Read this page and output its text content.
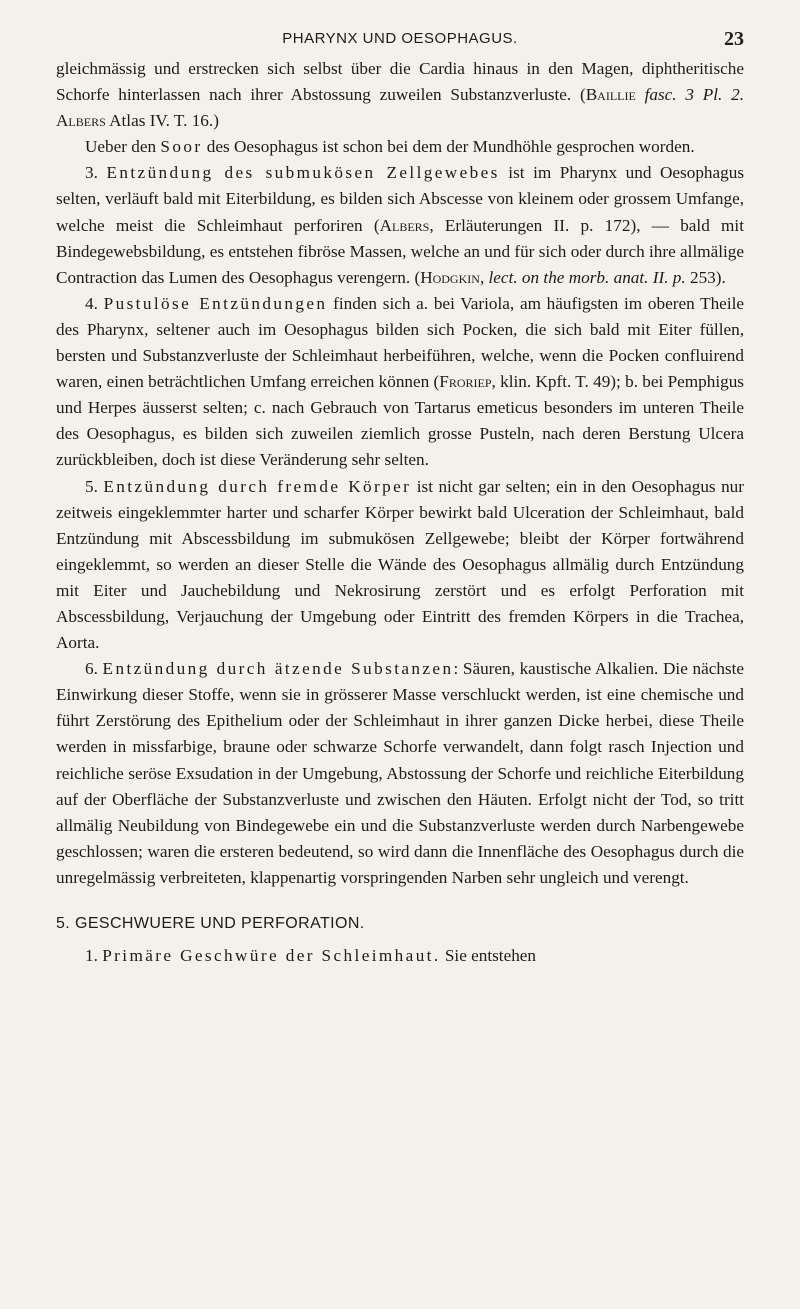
PHARYNX UND OESOPHAGUS.	23

gleichmässig und erstrecken sich selbst über die Cardia hinaus in den Magen, diphtheritische Schorfe hinterlassen nach ihrer Abstossung zuweilen Substanzverluste. (Baillie fasc. 3 Pl. 2. Albers Atlas IV. T. 16.)

Ueber den Soor des Oesophagus ist schon bei dem der Mundhöhle gesprochen worden.

3. Entzündung des submukösen Zellgewebes ist im Pharynx und Oesophagus selten, verläuft bald mit Eiterbildung, es bilden sich Abscesse von kleinem oder grossem Umfange, welche meist die Schleimhaut perforiren (Albers, Erläuterungen II. p. 172), — bald mit Bindegewebsbildung, es entstehen fibröse Massen, welche an und für sich oder durch ihre allmälige Contraction das Lumen des Oesophagus verengern. (Hodgkin, lect. on the morb. anat. II. p. 253).

4. Pustulöse Entzündungen finden sich a. bei Variola, am häufigsten im oberen Theile des Pharynx, seltener auch im Oesophagus bilden sich Pocken, die sich bald mit Eiter füllen, bersten und Substanzverluste der Schleimhaut herbeiführen, welche, wenn die Pocken confluirend waren, einen beträchtlichen Umfang erreichen können (Froriep, klin. Kpft. T. 49); b. bei Pemphigus und Herpes äusserst selten; c. nach Gebrauch von Tartarus emeticus besonders im unteren Theile des Oesophagus, es bilden sich zuweilen ziemlich grosse Pusteln, nach deren Berstung Ulcera zurückbleiben, doch ist diese Veränderung sehr selten.

5. Entzündung durch fremde Körper ist nicht gar selten; ein in den Oesophagus nur zeitweis eingeklemmter harter und scharfer Körper bewirkt bald Ulceration der Schleimhaut, bald Entzündung mit Abscessbildung im submukösen Zellgewebe; bleibt der Körper fortwährend eingeklemmt, so werden an dieser Stelle die Wände des Oesophagus allmälig durch Entzündung mit Eiter und Jauchebildung und Nekrosirung zerstört und es erfolgt Perforation mit Abscessbildung, Verjauchung der Umgebung oder Eintritt des fremden Körpers in die Trachea, Aorta.

6. Entzündung durch ätzende Substanzen: Säuren, kaustische Alkalien. Die nächste Einwirkung dieser Stoffe, wenn sie in grösserer Masse verschluckt werden, ist eine chemische und führt Zerstörung des Epithelium oder der Schleimhaut in ihrer ganzen Dicke herbei, diese Theile werden in missfarbige, braune oder schwarze Schorfe verwandelt, dann folgt rasch Injection und reichliche seröse Exsudation in der Umgebung, Abstossung der Schorfe und reichliche Eiterbildung auf der Oberfläche der Substanzverluste und zwischen den Häuten. Erfolgt nicht der Tod, so tritt allmälig Neubildung von Bindegewebe ein und die Substanzverluste werden durch Narbengewebe geschlossen; waren die ersteren bedeutend, so wird dann die Innenfläche des Oesophagus durch die unregelmässig verbreiteten, klappenartig vorspringenden Narben sehr ungleich und verengt.

5. GESCHWUERE UND PERFORATION.

1. Primäre Geschwüre der Schleimhaut. Sie entstehen
